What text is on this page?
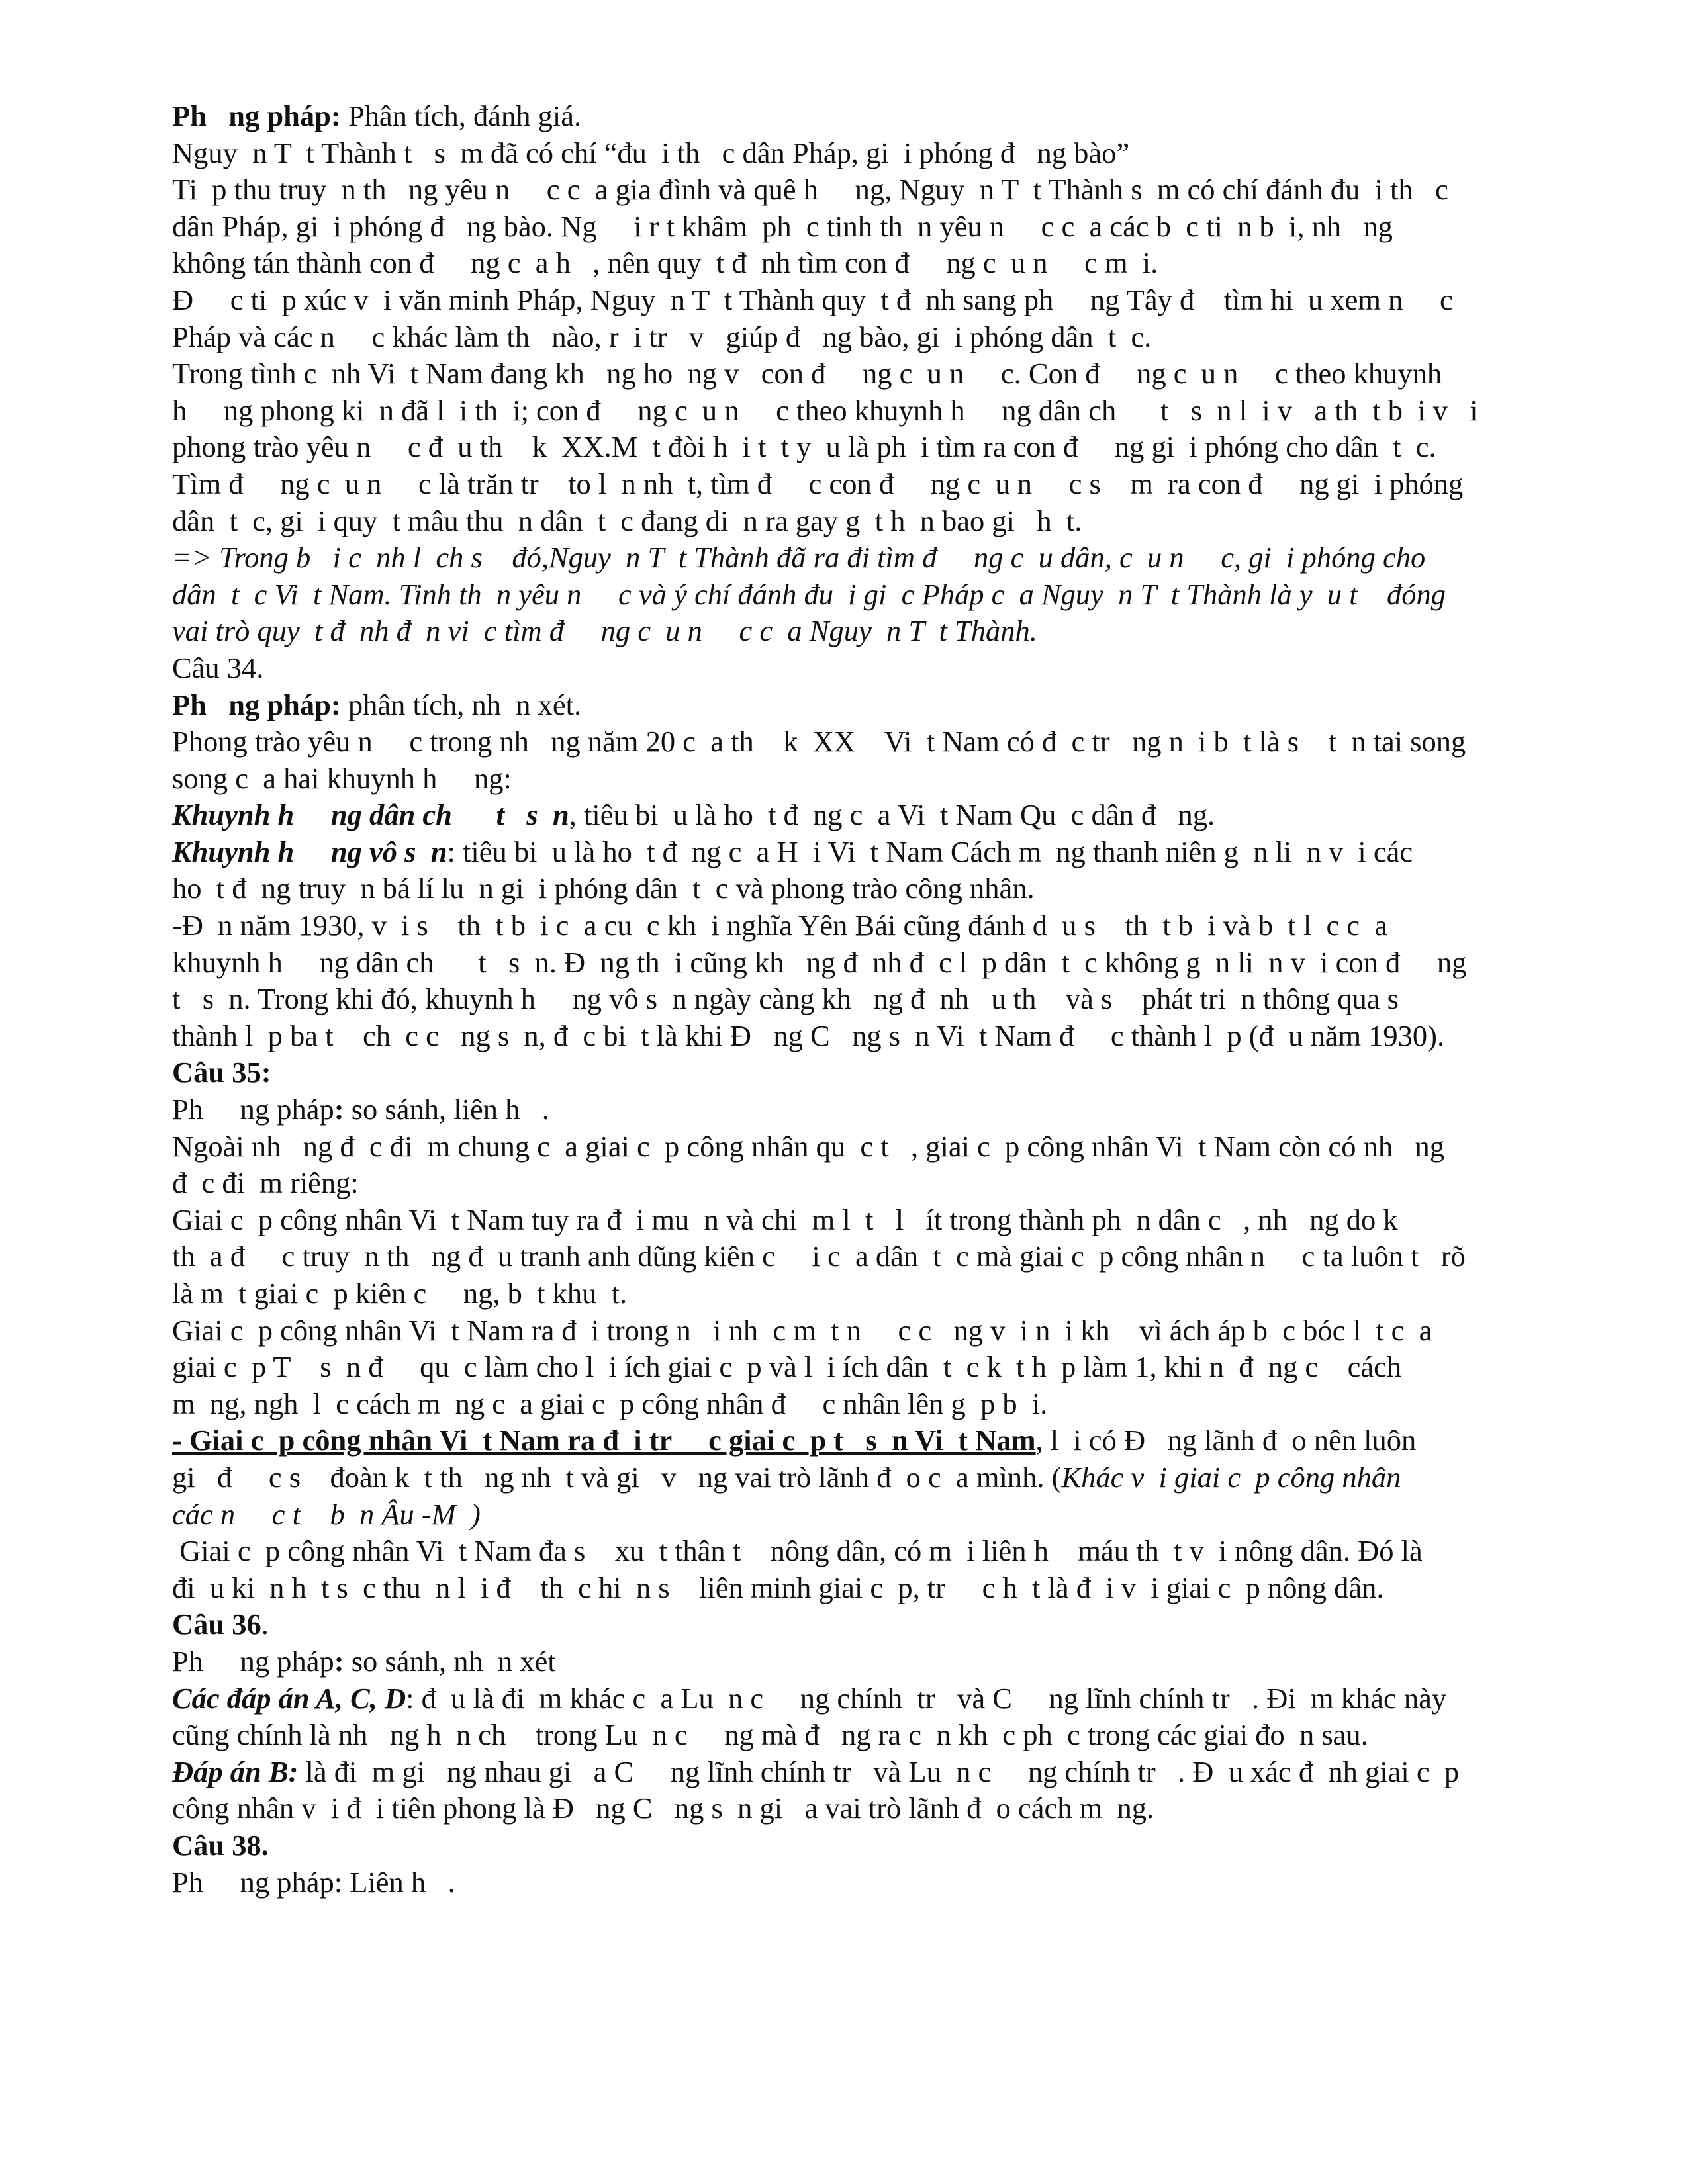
Ph   ng pháp: Phân tích, đánh giá.
Nguy  n T  t Thành t   s  m đã có chí “đu  i th   c dân Pháp, gi  i phóng đ   ng bào”
Ti  p thu truy  n th   ng yêu n     c c  a gia đình và quê h     ng, Nguy  n T  t Thành s  m có chí đánh đu  i th   c
dân Pháp, gi  i phóng đ   ng bào. Ng     i r t khâm  ph  c tinh th  n yêu n     c c  a các b  c ti  n b  i, nh   ng
không tán thành con đ     ng c  a h   , nên quy  t đ  nh tìm con đ     ng c  u n     c m  i.
Đ     c ti  p xúc v  i văn minh Pháp, Nguy  n T  t Thành quy  t đ  nh sang ph     ng Tây đ    tìm hi  u xem n     c
Pháp và các n     c khác làm th   nào, r  i tr   v   giúp đ   ng bào, gi  i phóng dân  t  c.
Trong tình c  nh Vi  t Nam đang kh   ng ho  ng v   con đ     ng c  u n     c. Con đ     ng c  u n     c theo khuynh
h     ng phong ki  n đã l  i th  i; con đ     ng c  u n     c theo khuynh h     ng dân ch      t   s  n l  i v   a th  t b  i v   i
phong trào yêu n     c đ  u th    k  XX.M  t đòi h  i t  t y  u là ph  i tìm ra con đ     ng gi  i phóng cho dân  t  c.
Tìm đ     ng c  u n     c là trăn tr    to l  n nh  t, tìm đ     c con đ     ng c  u n     c s    m  ra con đ     ng gi  i phóng
dân  t  c, gi  i quy  t mâu thu  n dân  t  c đang di  n ra gay g  t h  n bao gi   h  t.
=> Trong b   i c  nh l  ch s    đó,Nguy  n T  t Thành đã ra đi tìm đ     ng c  u dân, c  u n     c, gi  i phóng cho
dân  t  c Vi  t Nam. Tinh th  n yêu n     c và ý chí đánh đu  i gi  c Pháp c  a Nguy  n T  t Thành là y  u t    đóng
vai trò quy  t đ  nh đ  n vi  c tìm đ     ng c  u n     c c  a Nguy  n T  t Thành.
Câu 34.
Ph   ng pháp: phân tích, nh  n xét.
Phong trào yêu n     c trong nh   ng năm 20 c  a th    k  XX    Vi  t Nam có đ  c tr   ng n  i b  t là s    t  n tai song
song c  a hai khuynh h     ng:
Khuynh h     ng dân ch      t   s  n, tiêu bi  u là ho  t đ  ng c  a Vi  t Nam Qu  c dân đ   ng.
Khuynh h     ng vô s  n: tiêu bi  u là ho  t đ  ng c  a H  i Vi  t Nam Cách m  ng thanh niên g  n li  n v  i các
ho  t đ  ng truy  n bá lí lu  n gi  i phóng dân  t  c và phong trào công nhân.
-Đ  n năm 1930, v  i s    th  t b  i c  a cu  c kh  i nghĩa Yên Bái cũng đánh d  u s    th  t b  i và b  t l  c c  a
khuynh h     ng dân ch      t   s  n. Đ  ng th  i cũng kh   ng đ  nh đ  c l  p dân  t  c không g  n li  n v  i con đ     ng
t   s  n. Trong khi đó, khuynh h     ng vô s  n ngày càng kh   ng đ  nh   u th    và s    phát tri  n thông qua s
thành l  p ba t    ch  c c   ng s  n, đ  c bi  t là khi Đ   ng C   ng s  n Vi  t Nam đ     c thành l  p (đ  u năm 1930).
Câu 35:
Ph     ng pháp: so sánh, liên h   .
Ngoài nh   ng đ  c đi  m chung c  a giai c  p công nhân qu  c t   , giai c  p công nhân Vi  t Nam còn có nh   ng
đ  c đi  m riêng:
Giai c  p công nhân Vi  t Nam tuy ra đ  i mu  n và chi  m l  t   l   ít trong thành ph  n dân c   , nh   ng do k
th  a đ     c truy  n th   ng đ  u tranh anh dũng kiên c     i c  a dân  t  c mà giai c  p công nhân n     c ta luôn t   rõ
là m  t giai c  p kiên c     ng, b  t khu  t.
Giai c  p công nhân Vi  t Nam ra đ  i trong n   i nh  c m  t n     c c   ng v  i n  i kh    vì ách áp b  c bóc l  t c  a
giai c  p T    s  n đ     qu  c làm cho l  i ích giai c  p và l  i ích dân  t  c k  t h  p làm 1, khi n  đ  ng c    cách
m  ng, ngh  l  c cách m  ng c  a giai c  p công nhân đ     c nhân lên g  p b  i.
- Giai c  p công nhân Vi  t Nam ra đ  i tr     c giai c  p t   s  n Vi  t Nam, l  i có Đ   ng lãnh đ  o nên luôn
gi   đ     c s    đoàn k  t th   ng nh  t và gi   v   ng vai trò lãnh đ  o c  a mình. (Khác v  i giai c  p công nhân
các n     c t    b  n Âu -M  )
Giai c  p công nhân Vi  t Nam đa s    xu  t thân t    nông dân, có m  i liên h    máu th  t v  i nông dân. Đó là
đi  u ki  n h  t s  c thu  n l  i đ    th  c hi  n s    liên minh giai c  p, tr     c h  t là đ  i v  i giai c  p nông dân.
Câu 36.
Ph     ng pháp: so sánh, nh  n xét
Các đáp án A, C, D: đ  u là đi  m khác c  a Lu  n c     ng chính  tr   và C     ng lĩnh chính tr   . Đi  m khác này
cũng chính là nh   ng h  n ch    trong Lu  n c     ng mà đ   ng ra c  n kh  c ph  c trong các giai đo  n sau.
Đáp án B: là đi  m gi   ng nhau gi   a C     ng lĩnh chính tr   và Lu  n c     ng chính tr   . Đ  u xác đ  nh giai c  p
công nhân v  i đ  i tiên phong là Đ   ng C   ng s  n gi   a vai trò lãnh đ  o cách m  ng.
Câu 38.
Ph     ng pháp: Liên h   .
